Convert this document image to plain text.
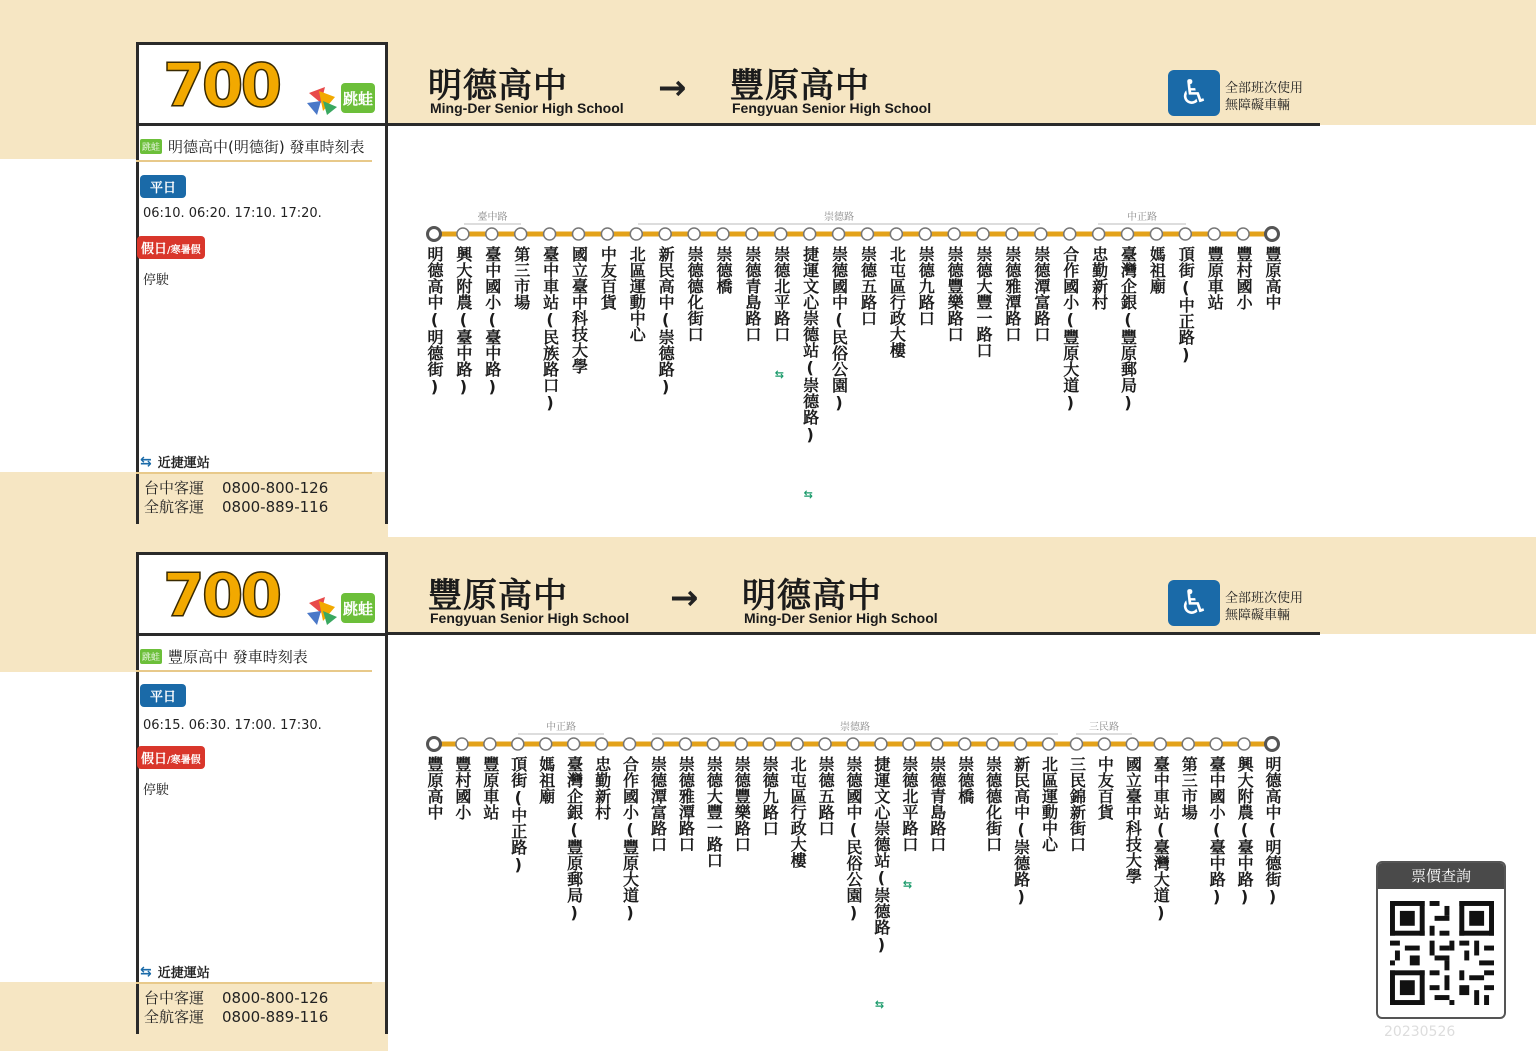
700	跳蛙 明德高中
Ming-Der Senior High School → 豐原高中
Fengyuan Senior High School	♿	全部班次使用
無障礙車輛
跳蛙 明德高中(明德街) 發車時刻表
平日
06:10. 06:20. 17:10. 17:20.
假日/寒暑假
停駛
⇆ 近捷運站
台中客運 0800-800-126
全航客運 0800-889-116
明德高中(明德街) 興大附農(臺中路) 臺中國小(臺中路) 第三市場 臺中車站(民族路口) 國立臺中科技大學 中友百貨 北區運動中心 新民高中(崇德路) 崇德德化街口 崇德橋 崇德青島路口 崇德北平路口
⇆ 捷運文心崇德站(崇德路)
⇆
崇德國中(民俗公園) 崇德五路口 北屯區行政大樓 崇德九路口 崇德豐樂路口 崇德大豐一路口 崇德雅潭路口 崇德潭富路口 合作國小(豐原大道) 忠勤新村 臺灣企銀(豐原郵局) 媽祖廟 頂街(中正路) 豐原車站 豐村國小 豐原高中
臺中路	崇德路	中正路
700	跳蛙 豐原高中
Fengyuan Senior High School → 明德高中
Ming-Der Senior High School	♿	全部班次使用
無障礙車輛
跳蛙 豐原高中 發車時刻表
平日
06:15. 06:30. 17:00. 17:30.
假日/寒暑假
停駛
⇆ 近捷運站
台中客運 0800-800-126
全航客運 0800-889-116
豐原高中 豐村國小 豐原車站 頂街(中正路) 媽祖廟 臺灣企銀(豐原郵局) 忠勤新村 合作國小(豐原大道) 崇德潭富路口 崇德雅潭路口 崇德大豐一路口 崇德豐樂路口 崇德九路口 北屯區行政大樓 崇德五路口 崇德國中(民俗公園) 捷運文心崇德站(崇德路)
⇆
崇德北平路口
⇆
崇德青島路口 崇德橋 崇德德化街口 新民高中(崇德路) 北區運動中心 三民錦新街口 中友百貨 國立臺中科技大學 臺中車站(臺灣大道) 第三市場 臺中國小(臺中路) 興大附農(臺中路) 明德高中(明德街)
中正路	崇德路	三民路
票價查詢
20230526
